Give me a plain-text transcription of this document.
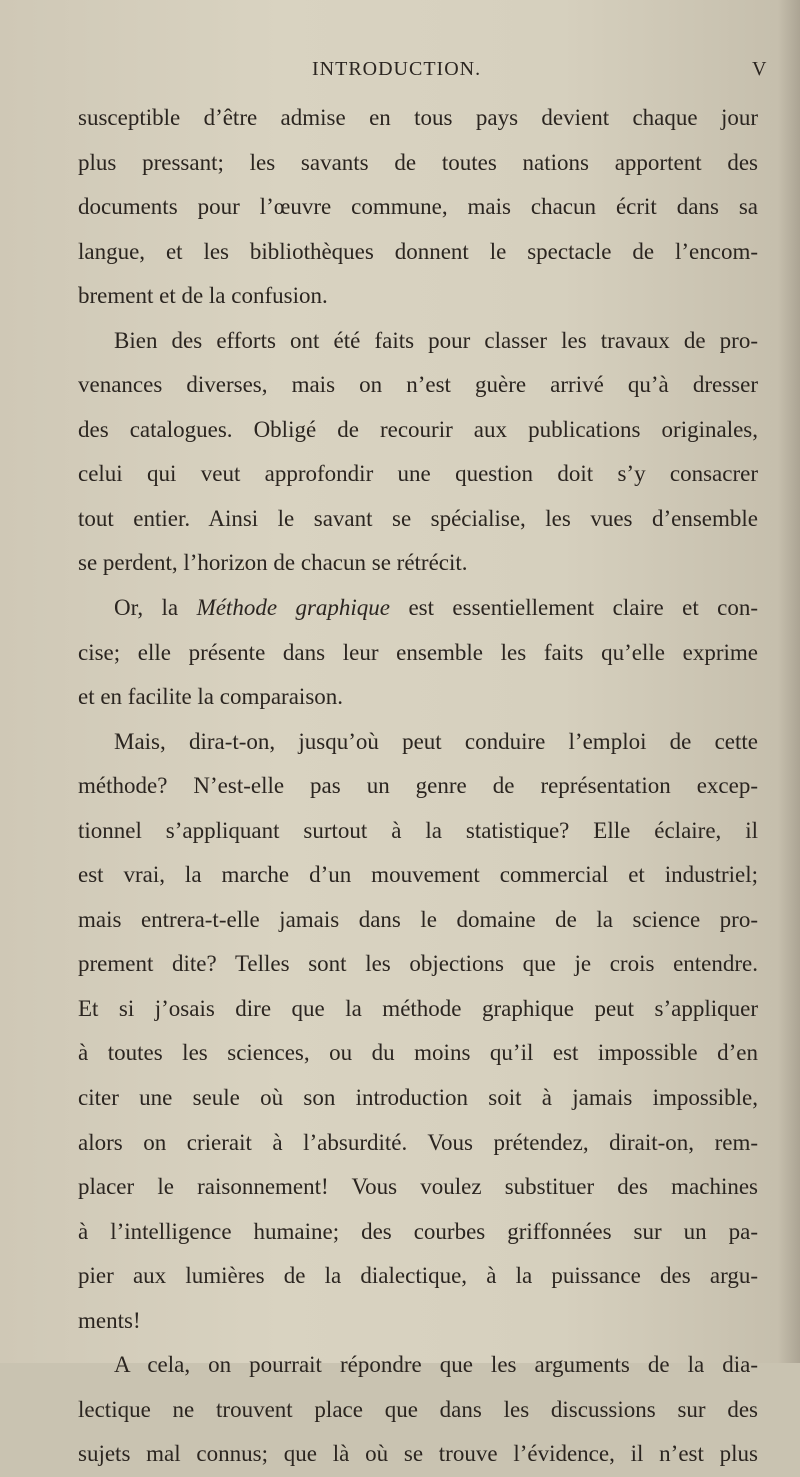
INTRODUCTION.	V
susceptible d’être admise en tous pays devient chaque jour
plus pressant; les savants de toutes nations apportent des
documents pour l’œuvre commune, mais chacun écrit dans sa
langue, et les bibliothèques donnent le spectacle de l’encom-
brement et de la confusion.
Bien des efforts ont été faits pour classer les travaux de pro-
venances diverses, mais on n’est guère arrivé qu’à dresser
des catalogues. Obligé de recourir aux publications originales,
celui qui veut approfondir une question doit s’y consacrer
tout entier. Ainsi le savant se spécialise, les vues d’ensemble
se perdent, l’horizon de chacun se rétrécit.
Or, la Méthode graphique est essentiellement claire et con-
cise; elle présente dans leur ensemble les faits qu’elle exprime
et en facilite la comparaison.
Mais, dira-t-on, jusqu’où peut conduire l’emploi de cette
méthode? N’est-elle pas un genre de représentation excep-
tionnel s’appliquant surtout à la statistique? Elle éclaire, il
est vrai, la marche d’un mouvement commercial et industriel;
mais entrera-t-elle jamais dans le domaine de la science pro-
prement dite? Telles sont les objections que je crois entendre.
Et si j’osais dire que la méthode graphique peut s’appliquer
à toutes les sciences, ou du moins qu’il est impossible d’en
citer une seule où son introduction soit à jamais impossible,
alors on crierait à l’absurdité. Vous prétendez, dirait-on, rem-
placer le raisonnement! Vous voulez substituer des machines
à l’intelligence humaine; des courbes griffonnées sur un pa-
pier aux lumières de la dialectique, à la puissance des argu-
ments!
A cela, on pourrait répondre que les arguments de la dia-
lectique ne trouvent place que dans les discussions sur des
sujets mal connus; que là où se trouve l’évidence, il n’est plus
